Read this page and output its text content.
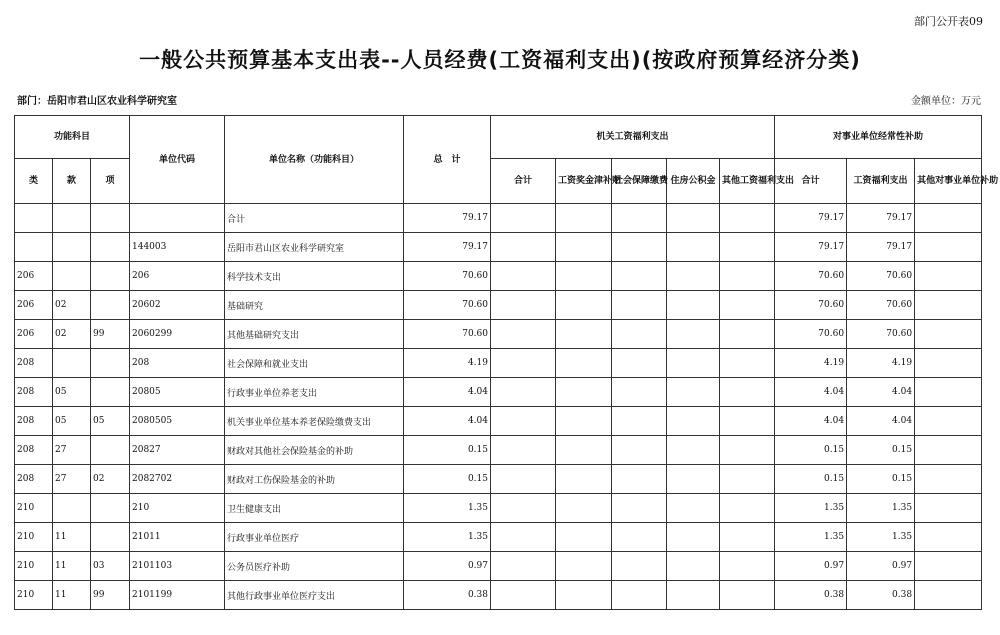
部门公开表09
一般公共预算基本支出表--人员经费(工资福利支出)(按政府预算经济分类)
部门：岳阳市君山区农业科学研究室	金额单位：万元
功能科目			单位代码	单位名称（功能科目）	总　计	机关工资福利支出					对事业单位经常性补助		
类	款	项				合计	工资奖金津补贴	社会保障缴费	住房公积金	其他工资福利支出	合计	工资福利支出	其他对事业单位补助
				合计	79.17						79.17	79.17	
			144003	岳阳市君山区农业科学研究室	79.17						79.17	79.17	
206			206	科学技术支出	70.60						70.60	70.60	
206	02		20602	基础研究	70.60						70.60	70.60	
206	02	99	2060299	其他基础研究支出	70.60						70.60	70.60	
208			208	社会保障和就业支出	4.19						4.19	4.19	
208	05		20805	行政事业单位养老支出	4.04						4.04	4.04	
208	05	05	2080505	机关事业单位基本养老保险缴费支出	4.04						4.04	4.04	
208	27		20827	财政对其他社会保险基金的补助	0.15						0.15	0.15	
208	27	02	2082702	财政对工伤保险基金的补助	0.15						0.15	0.15	
210			210	卫生健康支出	1.35						1.35	1.35	
210	11		21011	行政事业单位医疗	1.35						1.35	1.35	
210	11	03	2101103	公务员医疗补助	0.97						0.97	0.97	
210	11	99	2101199	其他行政事业单位医疗支出	0.38						0.38	0.38	
